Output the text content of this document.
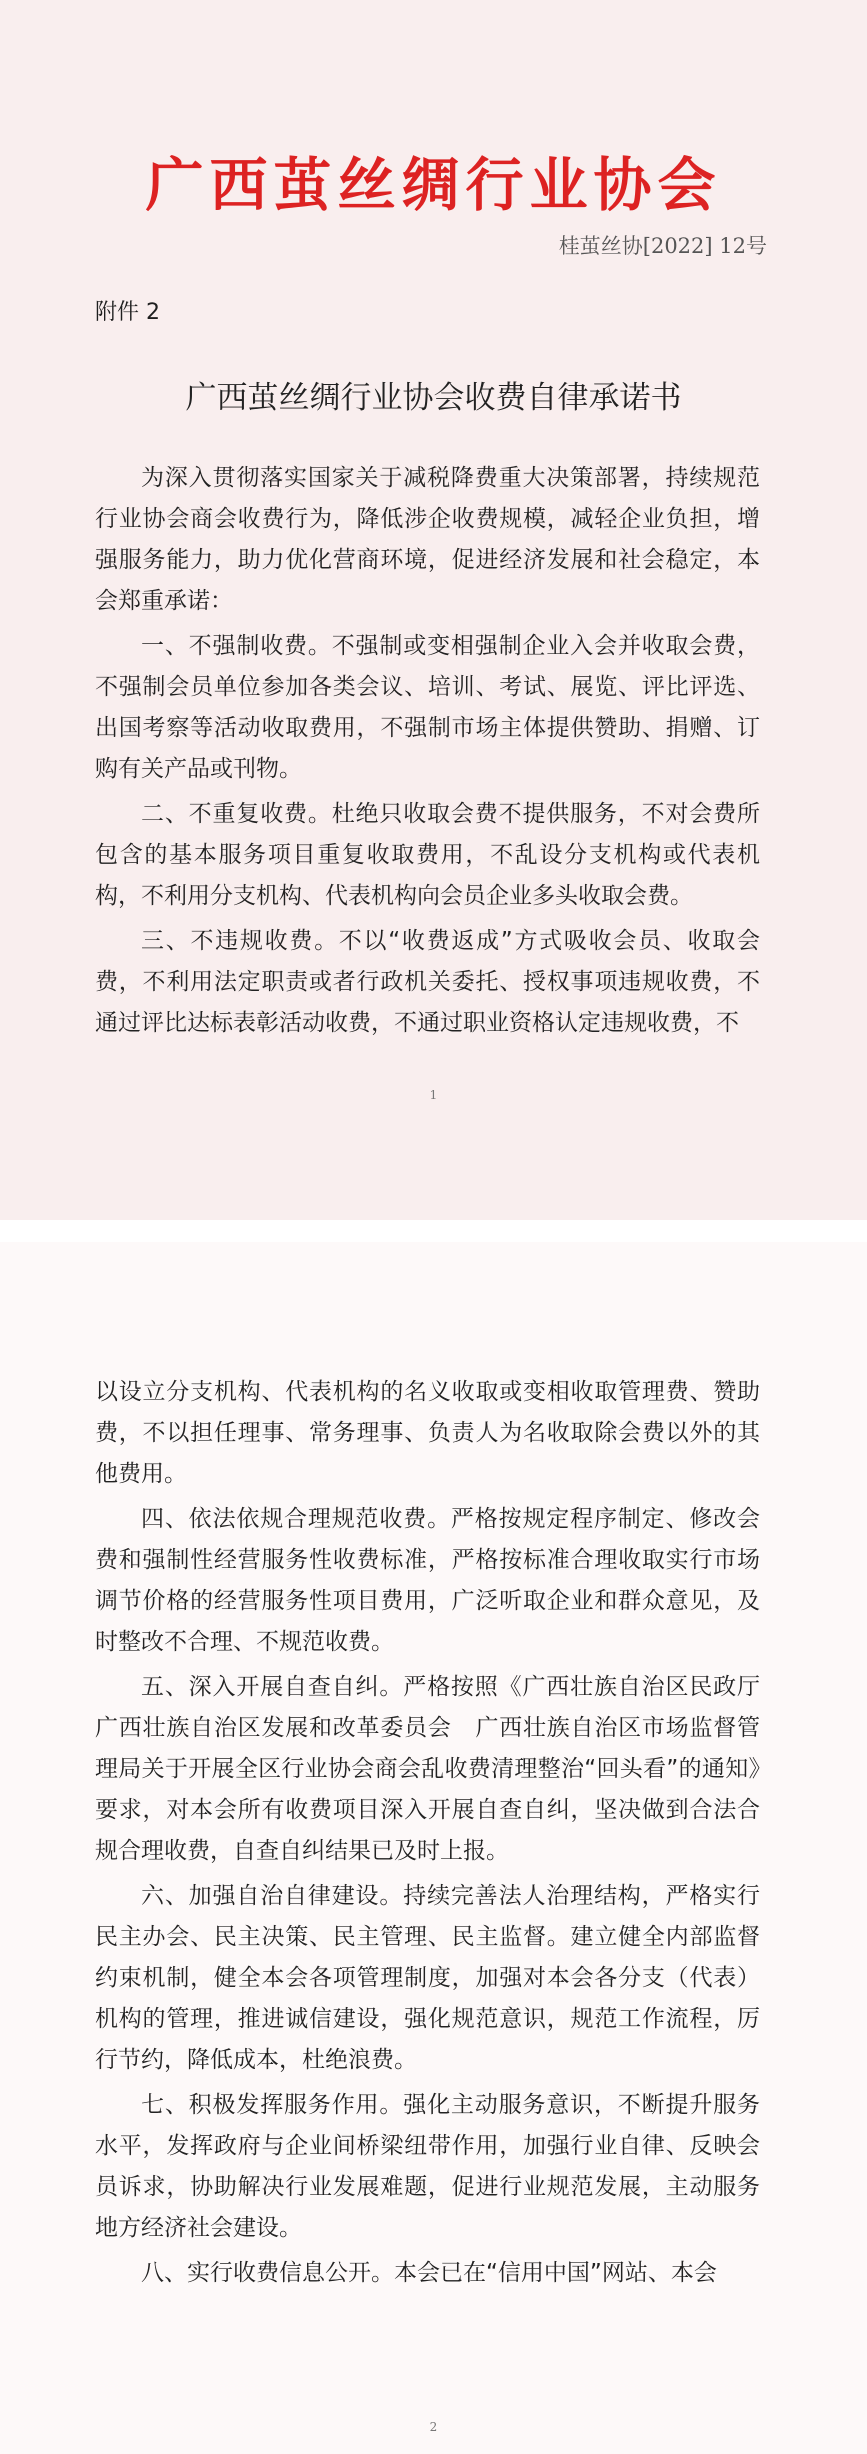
广西茧丝绸行业协会
桂茧丝协[2022] 12号
附件 2
广西茧丝绸行业协会收费自律承诺书

为深入贯彻落实国家关于减税降费重大决策部署，持续规范行业协会商会收费行为，降低涉企收费规模，减轻企业负担，增强服务能力，助力优化营商环境，促进经济发展和社会稳定，本会郑重承诺：

一、不强制收费。不强制或变相强制企业入会并收取会费，不强制会员单位参加各类会议、培训、考试、展览、评比评选、出国考察等活动收取费用，不强制市场主体提供赞助、捐赠、订购有关产品或刊物。

二、不重复收费。杜绝只收取会费不提供服务，不对会费所包含的基本服务项目重复收取费用，不乱设分支机构或代表机构，不利用分支机构、代表机构向会员企业多头收取会费。

三、不违规收费。不以“收费返成”方式吸收会员、收取会费，不利用法定职责或者行政机关委托、授权事项违规收费，不通过评比达标表彰活动收费，不通过职业资格认定违规收费，不

1

以设立分支机构、代表机构的名义收取或变相收取管理费、赞助费，不以担任理事、常务理事、负责人为名收取除会费以外的其他费用。

四、依法依规合理规范收费。严格按规定程序制定、修改会费和强制性经营服务性收费标准，严格按标准合理收取实行市场调节价格的经营服务性项目费用，广泛听取企业和群众意见，及时整改不合理、不规范收费。

五、深入开展自查自纠。严格按照《广西壮族自治区民政厅 广西壮族自治区发展和改革委员会　广西壮族自治区市场监督管理局关于开展全区行业协会商会乱收费清理整治“回头看”的通知》要求，对本会所有收费项目深入开展自查自纠，坚决做到合法合规合理收费，自查自纠结果已及时上报。

六、加强自治自律建设。持续完善法人治理结构，严格实行民主办会、民主决策、民主管理、民主监督。建立健全内部监督约束机制，健全本会各项管理制度，加强对本会各分支（代表）机构的管理，推进诚信建设，强化规范意识，规范工作流程，厉行节约，降低成本，杜绝浪费。

七、积极发挥服务作用。强化主动服务意识，不断提升服务水平，发挥政府与企业间桥梁纽带作用，加强行业自律、反映会员诉求，协助解决行业发展难题，促进行业规范发展，主动服务地方经济社会建设。

八、实行收费信息公开。本会已在“信用中国”网站、本会

2
